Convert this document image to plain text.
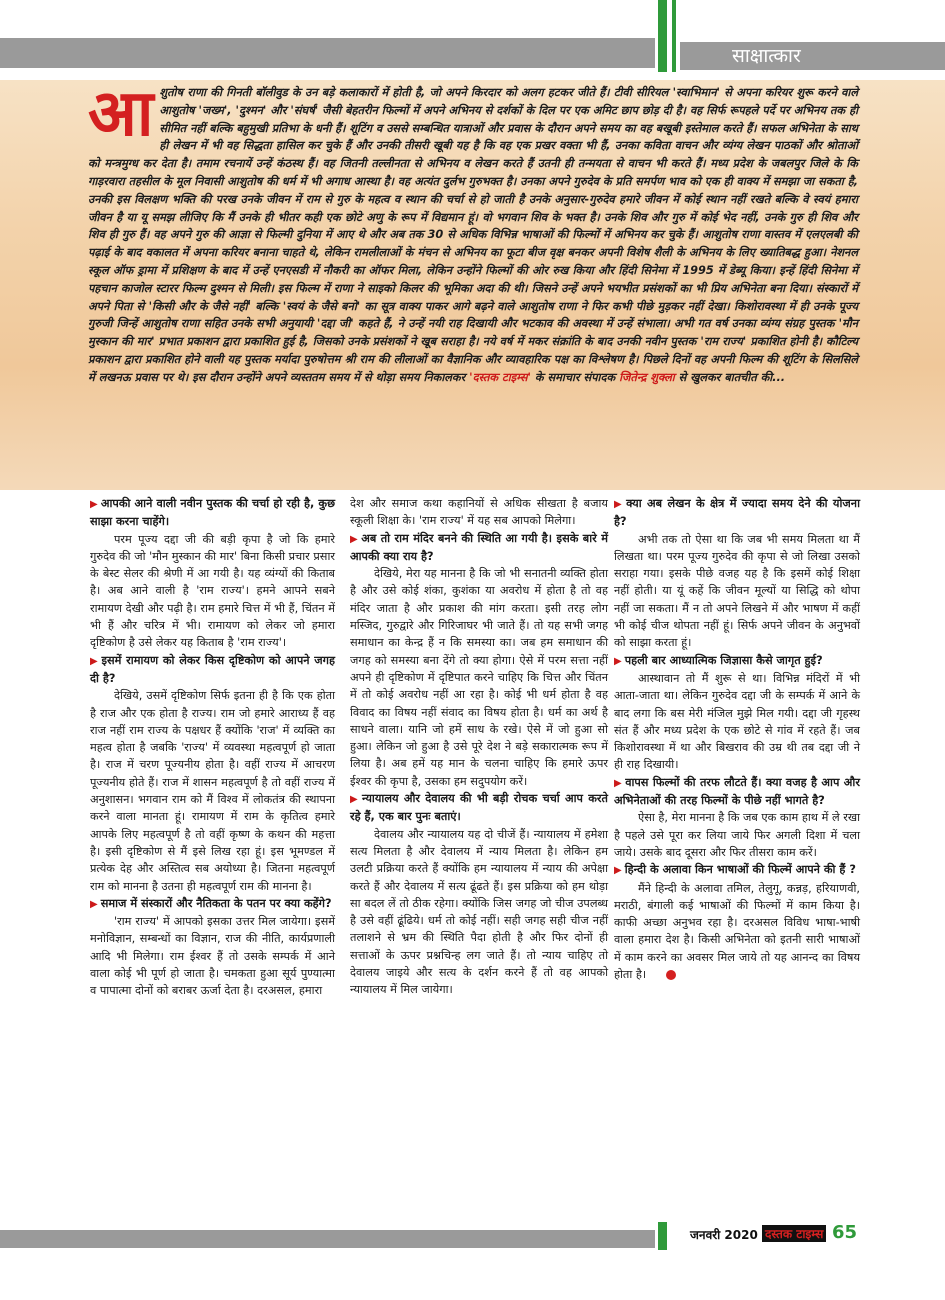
साक्षात्कार
आ शुतोष राणा की गिनती बॉलीवुड के उन बड़े कलाकारों में होती है, जो अपने किरदार को अलग हटकर जीते हैं। टीवी सीरियल 'स्वाभिमान' से अपना करियर शुरू करने वाले आशुतोष 'जख्म', 'दुश्मन' और 'संघर्ष' जैसी बेहतरीन फिल्मों में अपने अभिनय से दर्शकों के दिल पर एक अमिट छाप छोड़ दी है। वह सिर्फ रूपहले पर्दे पर अभिनय तक ही सीमित नहीं बल्कि बहुमुखी प्रतिभा के धनी हैं। शूटिंग व उससे सम्बन्धित यात्राओं और प्रवास के दौरान अपने समय का वह बखूबी इस्तेमाल करते हैं। सफल अभिनेता के साथ ही लेखन में भी वह सिद्धता हासिल कर चुके हैं और उनकी तीसरी खूबी यह है कि वह एक प्रखर वक्ता भी हैं, उनका कविता वाचन और व्यंग्य लेखन पाठकों और श्रोताओं को मन्त्रमुग्ध कर देता है। तमाम रचनायें उन्हें कंठस्थ हैं। वह जितनी तल्लीनता से अभिनय व लेखन करते हैं उतनी ही तन्मयता से वाचन भी करते हैं। मध्य प्रदेश के जबलपुर जिले के कि गाड़रवारा तहसील के मूल निवासी आशुतोष की धर्म में भी अगाध आस्था है। वह अत्यंत दुर्लभ गुरुभक्त है। उनका अपने गुरुदेव के प्रति समर्पण भाव को एक ही वाक्य में समझा जा सकता है, उनकी इस विलक्षण भक्ति की परख उनके जीवन में राम से गुरु के महत्व व स्थान की चर्चा से हो जाती है उनके अनुसार-गुरुदेव हमारे जीवन में कोई स्थान नहीं रखते बल्कि वे स्वयं हमारा जीवन है या यू समझ लीजिए कि मैं उनके ही भीतर कही एक छोटे अणु के रूप में विद्यमान हूं। वो भगवान शिव के भक्त है। उनके शिव और गुरु में कोई भेद नहीं, उनके गुरु ही शिव और शिव ही गुरु हैं। वह अपने गुरु की आज्ञा से फिल्मी दुनिया में आए थे और अब तक 30 से अधिक विभिन्न भाषाओं की फिल्मों में अभिनय कर चुके हैं। आशुतोष राणा वास्तव में एलएलबी की पढ़ाई के बाद वकालत में अपना करियर बनाना चाहते थे, लेकिन रामलीलाओं के मंचन से अभिनय का फूटा बीज वृक्ष बनकर अपनी विशेष शैली के अभिनय के लिए ख्यातिबद्ध हुआ। नेशनल स्कूल ऑफ ड्रामा में प्रशिक्षण के बाद में उन्हें एनएसडी में नौकरी का ऑफर मिला, लेकिन उन्होंने फिल्मों की ओर रुख किया और हिंदी सिनेमा में 1995 में डेब्यू किया। इन्हें हिंदी सिनेमा में पहचान काजोल स्टारर फिल्म दुश्मन से मिली। इस फिल्म में राणा ने साइको किलर की भूमिका अदा की थी। जिसने उन्हें अपने भयभीत प्रसंशकों का भी प्रिय अभिनेता बना दिया। संस्कारों में अपने पिता से 'किसी और के जैसे नहीं' बल्कि 'स्वयं के जैसे बनो' का सूत्र वाक्य पाकर आगे बढ़ने वाले आशुतोष राणा ने फिर कभी पीछे मुड़कर नहीं देखा। किशोरावस्था में ही उनके पूज्य गुरुजी जिन्हें आशुतोष राणा सहित उनके सभी अनुयायी 'दद्दा जी' कहते हैं, ने उन्हें नयी राह दिखायी और भटकाव की अवस्था में उन्हें संभाला। अभी गत वर्ष उनका व्यंग्य संग्रह पुस्तक 'मौन मुस्कान की मार' प्रभात प्रकाशन द्वारा प्रकाशित हुई है, जिसको उनके प्रसंशकों ने खूब सराहा है। नये वर्ष में मकर संक्रांति के बाद उनकी नवीन पुस्तक 'राम राज्य' प्रकाशित होनी है। कौटिल्य प्रकाशन द्वारा प्रकाशित होने वाली यह पुस्तक मर्यादा पुरुषोत्तम श्री राम की लीलाओं का वैज्ञानिक और व्यावहारिक पक्ष का विश्लेषण है। पिछले दिनों वह अपनी फिल्म की शूटिंग के सिलसिले में लखनऊ प्रवास पर थे। इस दौरान उन्होंने अपने व्यस्ततम समय में से थोड़ा समय निकालकर 'दस्तक टाइम्स' के समाचार संपादक जितेन्द्र शुक्ला से खुलकर बातचीत की...

▶ आपकी आने वाली नवीन पुस्तक की चर्चा हो रही है, कुछ साझा करना चाहेंगे।

परम पूज्य दद्दा जी की बड़ी कृपा है जो कि हमारे गुरुदेव की जो 'मौन मुस्कान की मार' बिना किसी प्रचार प्रसार के बेस्ट सेलर की श्रेणी में आ गयी है। यह व्यंग्यों की किताब है। अब आने वाली है 'राम राज्य'। हमने आपने सबने रामायण देखी और पढ़ी है। राम हमारे चित्त में भी हैं, चिंतन में भी हैं और चरित्र में भी। रामायण को लेकर जो हमारा दृष्टिकोण है उसे लेकर यह किताब है 'राम राज्य'।

▶ इसमें रामायण को लेकर किस दृष्टिकोण को आपने जगह दी है?

देखिये, उसमें दृष्टिकोण सिर्फ इतना ही है कि एक होता है राज और एक होता है राज्य। राम जो हमारे आराध्य हैं वह राज नहीं राम राज्य के पक्षधर हैं क्योंकि 'राज' में व्यक्ति का महत्व होता है जबकि 'राज्य' में व्यवस्था महत्वपूर्ण हो जाता है। राज में चरण पूज्यनीय होता है। वहीं राज्य में आचरण पूज्यनीय होते हैं। राज में शासन महत्वपूर्ण है तो वहीं राज्य में अनुशासन। भगवान राम को मैं विश्व में लोकतंत्र की स्थापना करने वाला मानता हूं। रामायण में राम के कृतित्व हमारे आपके लिए महत्वपूर्ण है तो वहीं कृष्ण के कथन की महत्ता है। इसी दृष्टिकोण से मैं इसे लिख रहा हूं। इस भूमण्डल में प्रत्येक देह और अस्तित्व सब अयोध्या है। जितना महत्वपूर्ण राम को मानना है उतना ही महत्वपूर्ण राम की मानना है।

▶ समाज में संस्कारों और नैतिकता के पतन पर क्या कहेंगे?

'राम राज्य' में आपको इसका उत्तर मिल जायेगा। इसमें मनोविज्ञान, सम्बन्धों का विज्ञान, राज की नीति, कार्यप्रणाली आदि भी मिलेगा। राम ईश्वर हैं तो उसके सम्पर्क में आने वाला कोई भी पूर्ण हो जाता है। चमकता हुआ सूर्य पुण्यात्मा व पापात्मा दोनों को बराबर ऊर्जा देता है। दरअसल, हमारा

देश और समाज कथा कहानियों से अधिक सीखता है बजाय स्कूली शिक्षा के। 'राम राज्य' में यह सब आपको मिलेगा।

▶ अब तो राम मंदिर बनने की स्थिति आ गयी है। इसके बारे में आपकी क्या राय है?

देखिये, मेरा यह मानना है कि जो भी सनातनी व्यक्ति होता है और उसे कोई शंका, कुशंका या अवरोध में होता है तो वह मंदिर जाता है और प्रकाश की मांग करता। इसी तरह लोग मस्जिद, गुरुद्वारे और गिरिजाघर भी जाते हैं। तो यह सभी जगह समाधान का केन्द्र हैं न कि समस्या का। जब हम समाधान की जगह को समस्या बना देंगे तो क्या होगा। ऐसे में परम सत्ता नहीं अपने ही दृष्टिकोण में दृष्टिपात करने चाहिए कि चित्त और चिंतन में तो कोई अवरोध नहीं आ रहा है। कोई भी धर्म होता है वह विवाद का विषय नहीं संवाद का विषय होता है। धर्म का अर्थ है साधने वाला। यानि जो हमें साध के रखे। ऐसे में जो हुआ सो हुआ। लेकिन जो हुआ है उसे पूरे देश ने बड़े सकारात्मक रूप में लिया है। अब हमें यह मान के चलना चाहिए कि हमारे ऊपर ईश्वर की कृपा है, उसका हम सदुपयोग करें।

▶ न्यायालय और देवालय की भी बड़ी रोचक चर्चा आप करते रहे हैं, एक बार पुनः बताएं।

देवालय और न्यायालय यह दो चीजें हैं। न्यायालय में हमेशा सत्य मिलता है और देवालय में न्याय मिलता है। लेकिन हम उलटी प्रक्रिया करते हैं क्योंकि हम न्यायालय में न्याय की अपेक्षा करते हैं और देवालय में सत्य ढूंढते हैं। इस प्रक्रिया को हम थोड़ा सा बदल लें तो ठीक रहेगा। क्योंकि जिस जगह जो चीज उपलब्ध है उसे वहीं ढूंढिये। धर्म तो कोई नहीं। सही जगह सही चीज नहीं तलाशने से भ्रम की स्थिति पैदा होती है और फिर दोनों ही सत्ताओं के ऊपर प्रश्नचिन्ह लग जाते हैं। तो न्याय चाहिए तो देवालय जाइये और सत्य के दर्शन करने हैं तो वह आपको न्यायालय में मिल जायेगा।

▶ क्या अब लेखन के क्षेत्र में ज्यादा समय देने की योजना है?

अभी तक तो ऐसा था कि जब भी समय मिलता था मैं लिखता था। परम पूज्य गुरुदेव की कृपा से जो लिखा उसको सराहा गया। इसके पीछे वजह यह है कि इसमें कोई शिक्षा नहीं होती। या यूं कहें कि जीवन मूल्यों या सिद्धि को थोपा नहीं जा सकता। मैं न तो अपने लिखने में और भाषण में कहीं भी कोई चीज थोपता नहीं हूं। सिर्फ अपने जीवन के अनुभवों को साझा करता हूं।

▶ पहली बार आध्यात्मिक जिज्ञासा कैसे जागृत हुई?

आस्थावान तो मैं शुरू से था। विभिन्न मंदिरों में भी आता-जाता था। लेकिन गुरुदेव दद्दा जी के सम्पर्क में आने के बाद लगा कि बस मेरी मंजिल मुझे मिल गयी। दद्दा जी गृहस्थ संत हैं और मध्य प्रदेश के एक छोटे से गांव में रहते हैं। जब किशोरावस्था में था और बिखराव की उम्र थी तब दद्दा जी ने ही राह दिखायी।

▶ वापस फिल्मों की तरफ लौटते हैं। क्या वजह है आप और अभिनेताओं की तरह फिल्मों के पीछे नहीं भागते है?

ऐसा है, मेरा मानना है कि जब एक काम हाथ में ले रखा है पहले उसे पूरा कर लिया जाये फिर अगली दिशा में चला जाये। उसके बाद दूसरा और फिर तीसरा काम करें।

▶ हिन्दी के अलावा किन भाषाओं की फिल्में आपने की हैं ?

मैंने हिन्दी के अलावा तमिल, तेलुगू, कन्नड़, हरियाणवी, मराठी, बंगाली कई भाषाओं की फिल्मों में काम किया है। काफी अच्छा अनुभव रहा है। दरअसल विविध भाषा-भाषी वाला हमारा देश है। किसी अभिनेता को इतनी सारी भाषाओं में काम करने का अवसर मिल जाये तो यह आनन्द का विषय होता है।

जनवरी 2020 दस्तक टाइम्स 65
